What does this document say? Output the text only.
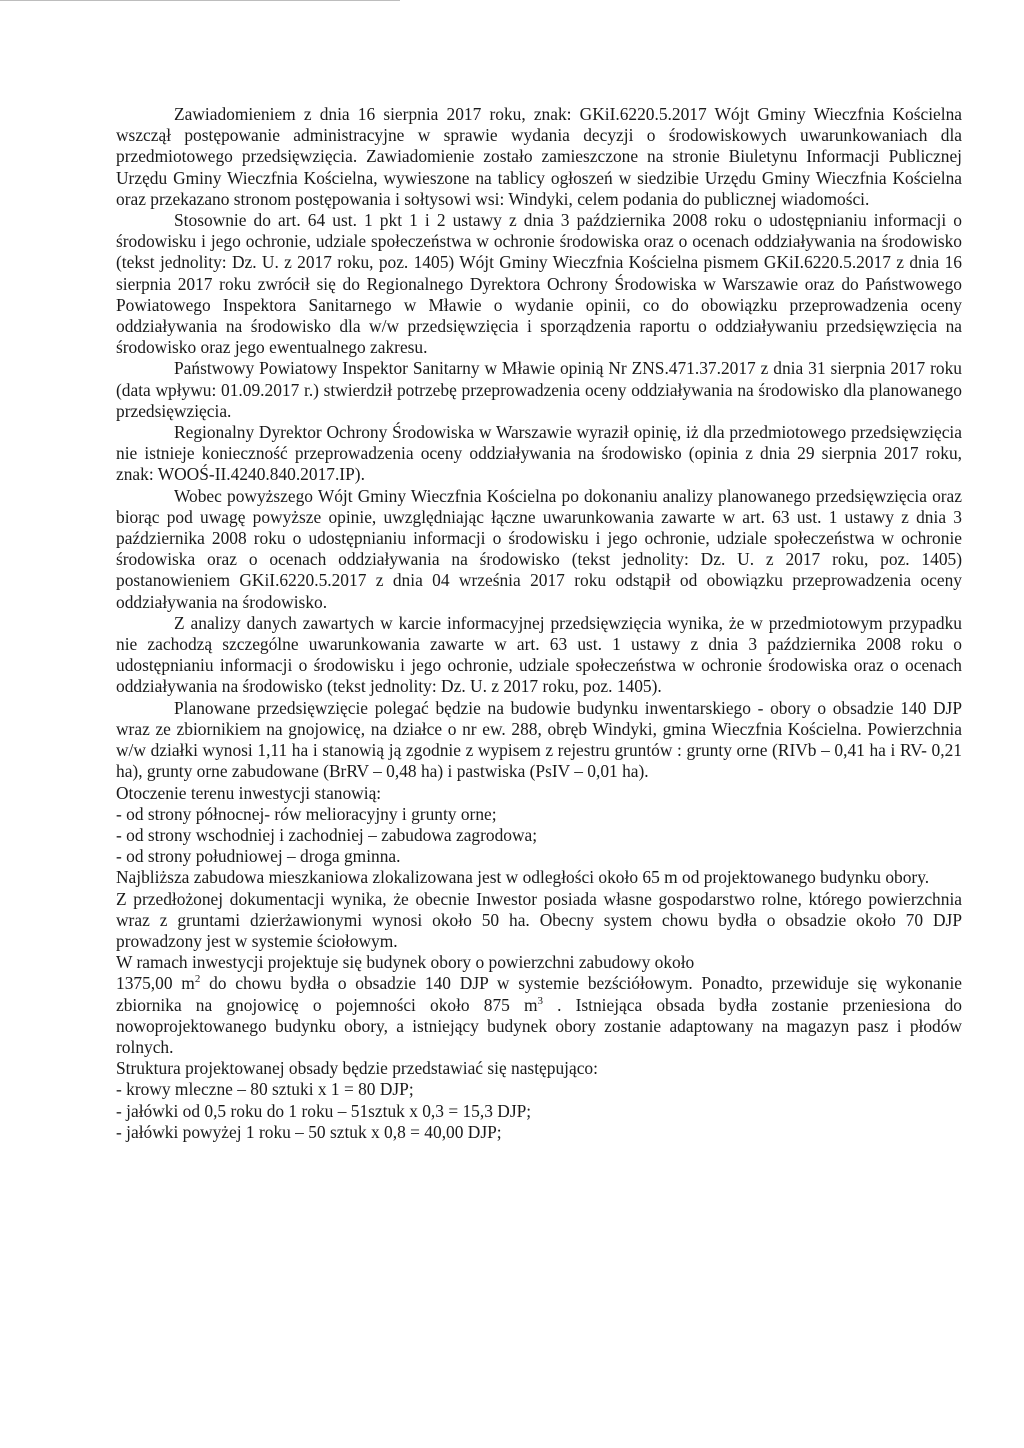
Zawiadomieniem z dnia 16 sierpnia 2017 roku, znak: GKiI.6220.5.2017 Wójt Gminy Wieczfnia Kościelna wszczął postępowanie administracyjne w sprawie wydania decyzji o środowiskowych uwarunkowaniach dla przedmiotowego przedsięwzięcia. Zawiadomienie zostało zamieszczone na stronie Biuletynu Informacji Publicznej Urzędu Gminy Wieczfnia Kościelna, wywieszone na tablicy ogłoszeń w siedzibie Urzędu Gminy Wieczfnia Kościelna oraz przekazano stronom postępowania i sołtysowi wsi: Windyki, celem podania do publicznej wiadomości.

Stosownie do art. 64 ust. 1 pkt 1 i 2 ustawy z dnia 3 października 2008 roku o udostępnianiu informacji o środowisku i jego ochronie, udziale społeczeństwa w ochronie środowiska oraz o ocenach oddziaływania na środowisko (tekst jednolity: Dz. U. z 2017 roku, poz. 1405) Wójt Gminy Wieczfnia Kościelna pismem GKiI.6220.5.2017 z dnia 16 sierpnia 2017 roku zwrócił się do Regionalnego Dyrektora Ochrony Środowiska w Warszawie oraz do Państwowego Powiatowego Inspektora Sanitarnego w Mławie o wydanie opinii, co do obowiązku przeprowadzenia oceny oddziaływania na środowisko dla w/w przedsięwzięcia i sporządzenia raportu o oddziaływaniu przedsięwzięcia na środowisko oraz jego ewentualnego zakresu.

Państwowy Powiatowy Inspektor Sanitarny w Mławie opinią Nr ZNS.471.37.2017 z dnia 31 sierpnia 2017 roku (data wpływu: 01.09.2017 r.) stwierdził potrzebę przeprowadzenia oceny oddziaływania na środowisko dla planowanego przedsięwzięcia.

Regionalny Dyrektor Ochrony Środowiska w Warszawie wyraził opinię, iż dla przedmiotowego przedsięwzięcia nie istnieje konieczność przeprowadzenia oceny oddziaływania na środowisko (opinia z dnia 29 sierpnia 2017 roku, znak: WOOŚ-II.4240.840.2017.IP).

Wobec powyższego Wójt Gminy Wieczfnia Kościelna po dokonaniu analizy planowanego przedsięwzięcia oraz biorąc pod uwagę powyższe opinie, uwzględniając łączne uwarunkowania zawarte w art. 63 ust. 1 ustawy z dnia 3 października 2008 roku o udostępnianiu informacji o środowisku i jego ochronie, udziale społeczeństwa w ochronie środowiska oraz o ocenach oddziaływania na środowisko (tekst jednolity: Dz. U. z 2017 roku, poz. 1405) postanowieniem GKiI.6220.5.2017 z dnia 04 września 2017 roku odstąpił od obowiązku przeprowadzenia oceny oddziaływania na środowisko.

Z analizy danych zawartych w karcie informacyjnej przedsięwzięcia wynika, że w przedmiotowym przypadku nie zachodzą szczególne uwarunkowania zawarte w art. 63 ust. 1 ustawy z dnia 3 października 2008 roku o udostępnianiu informacji o środowisku i jego ochronie, udziale społeczeństwa w ochronie środowiska oraz o ocenach oddziaływania na środowisko (tekst jednolity: Dz. U. z 2017 roku, poz. 1405).

Planowane przedsięwzięcie polegać będzie na budowie budynku inwentarskiego - obory o obsadzie 140 DJP wraz ze zbiornikiem na gnojowicę, na działce o nr ew. 288, obręb Windyki, gmina Wieczfnia Kościelna. Powierzchnia w/w działki wynosi 1,11 ha i stanowią ją zgodnie z wypisem z rejestru gruntów : grunty orne (RIVb – 0,41 ha i RV- 0,21 ha), grunty orne zabudowane (BrRV – 0,48 ha) i pastwiska (PsIV – 0,01 ha).

Otoczenie terenu inwestycji stanowią:

- od strony północnej- rów melioracyjny i grunty orne;

- od strony wschodniej i zachodniej – zabudowa zagrodowa;

- od strony południowej – droga gminna.

Najbliższa zabudowa mieszkaniowa zlokalizowana jest w odległości około 65 m od projektowanego budynku obory.

Z przedłożonej dokumentacji wynika, że obecnie Inwestor posiada własne gospodarstwo rolne, którego powierzchnia wraz z gruntami dzierżawionymi wynosi około 50 ha. Obecny system chowu bydła o obsadzie około 70 DJP prowadzony jest w systemie ściołowym.

W ramach inwestycji projektuje się budynek obory o powierzchni zabudowy około

1375,00 $m^2$ do chowu bydła o obsadzie 140 DJP w systemie bezściółowym. Ponadto, przewiduje się wykonanie zbiornika na gnojowicę o pojemności około 875 $m^3$ . Istniejąca obsada bydła zostanie przeniesiona do nowoprojektowanego budynku obory, a istniejący budynek obory zostanie adaptowany na magazyn pasz i płodów rolnych.

Struktura projektowanej obsady będzie przedstawiać się następująco:

- krowy mleczne – 80 sztuki x 1 = 80 DJP;

- jałówki od 0,5 roku do 1 roku – 51sztuk x 0,3 = 15,3 DJP;

- jałówki powyżej 1 roku – 50 sztuk x 0,8 = 40,00 DJP;
